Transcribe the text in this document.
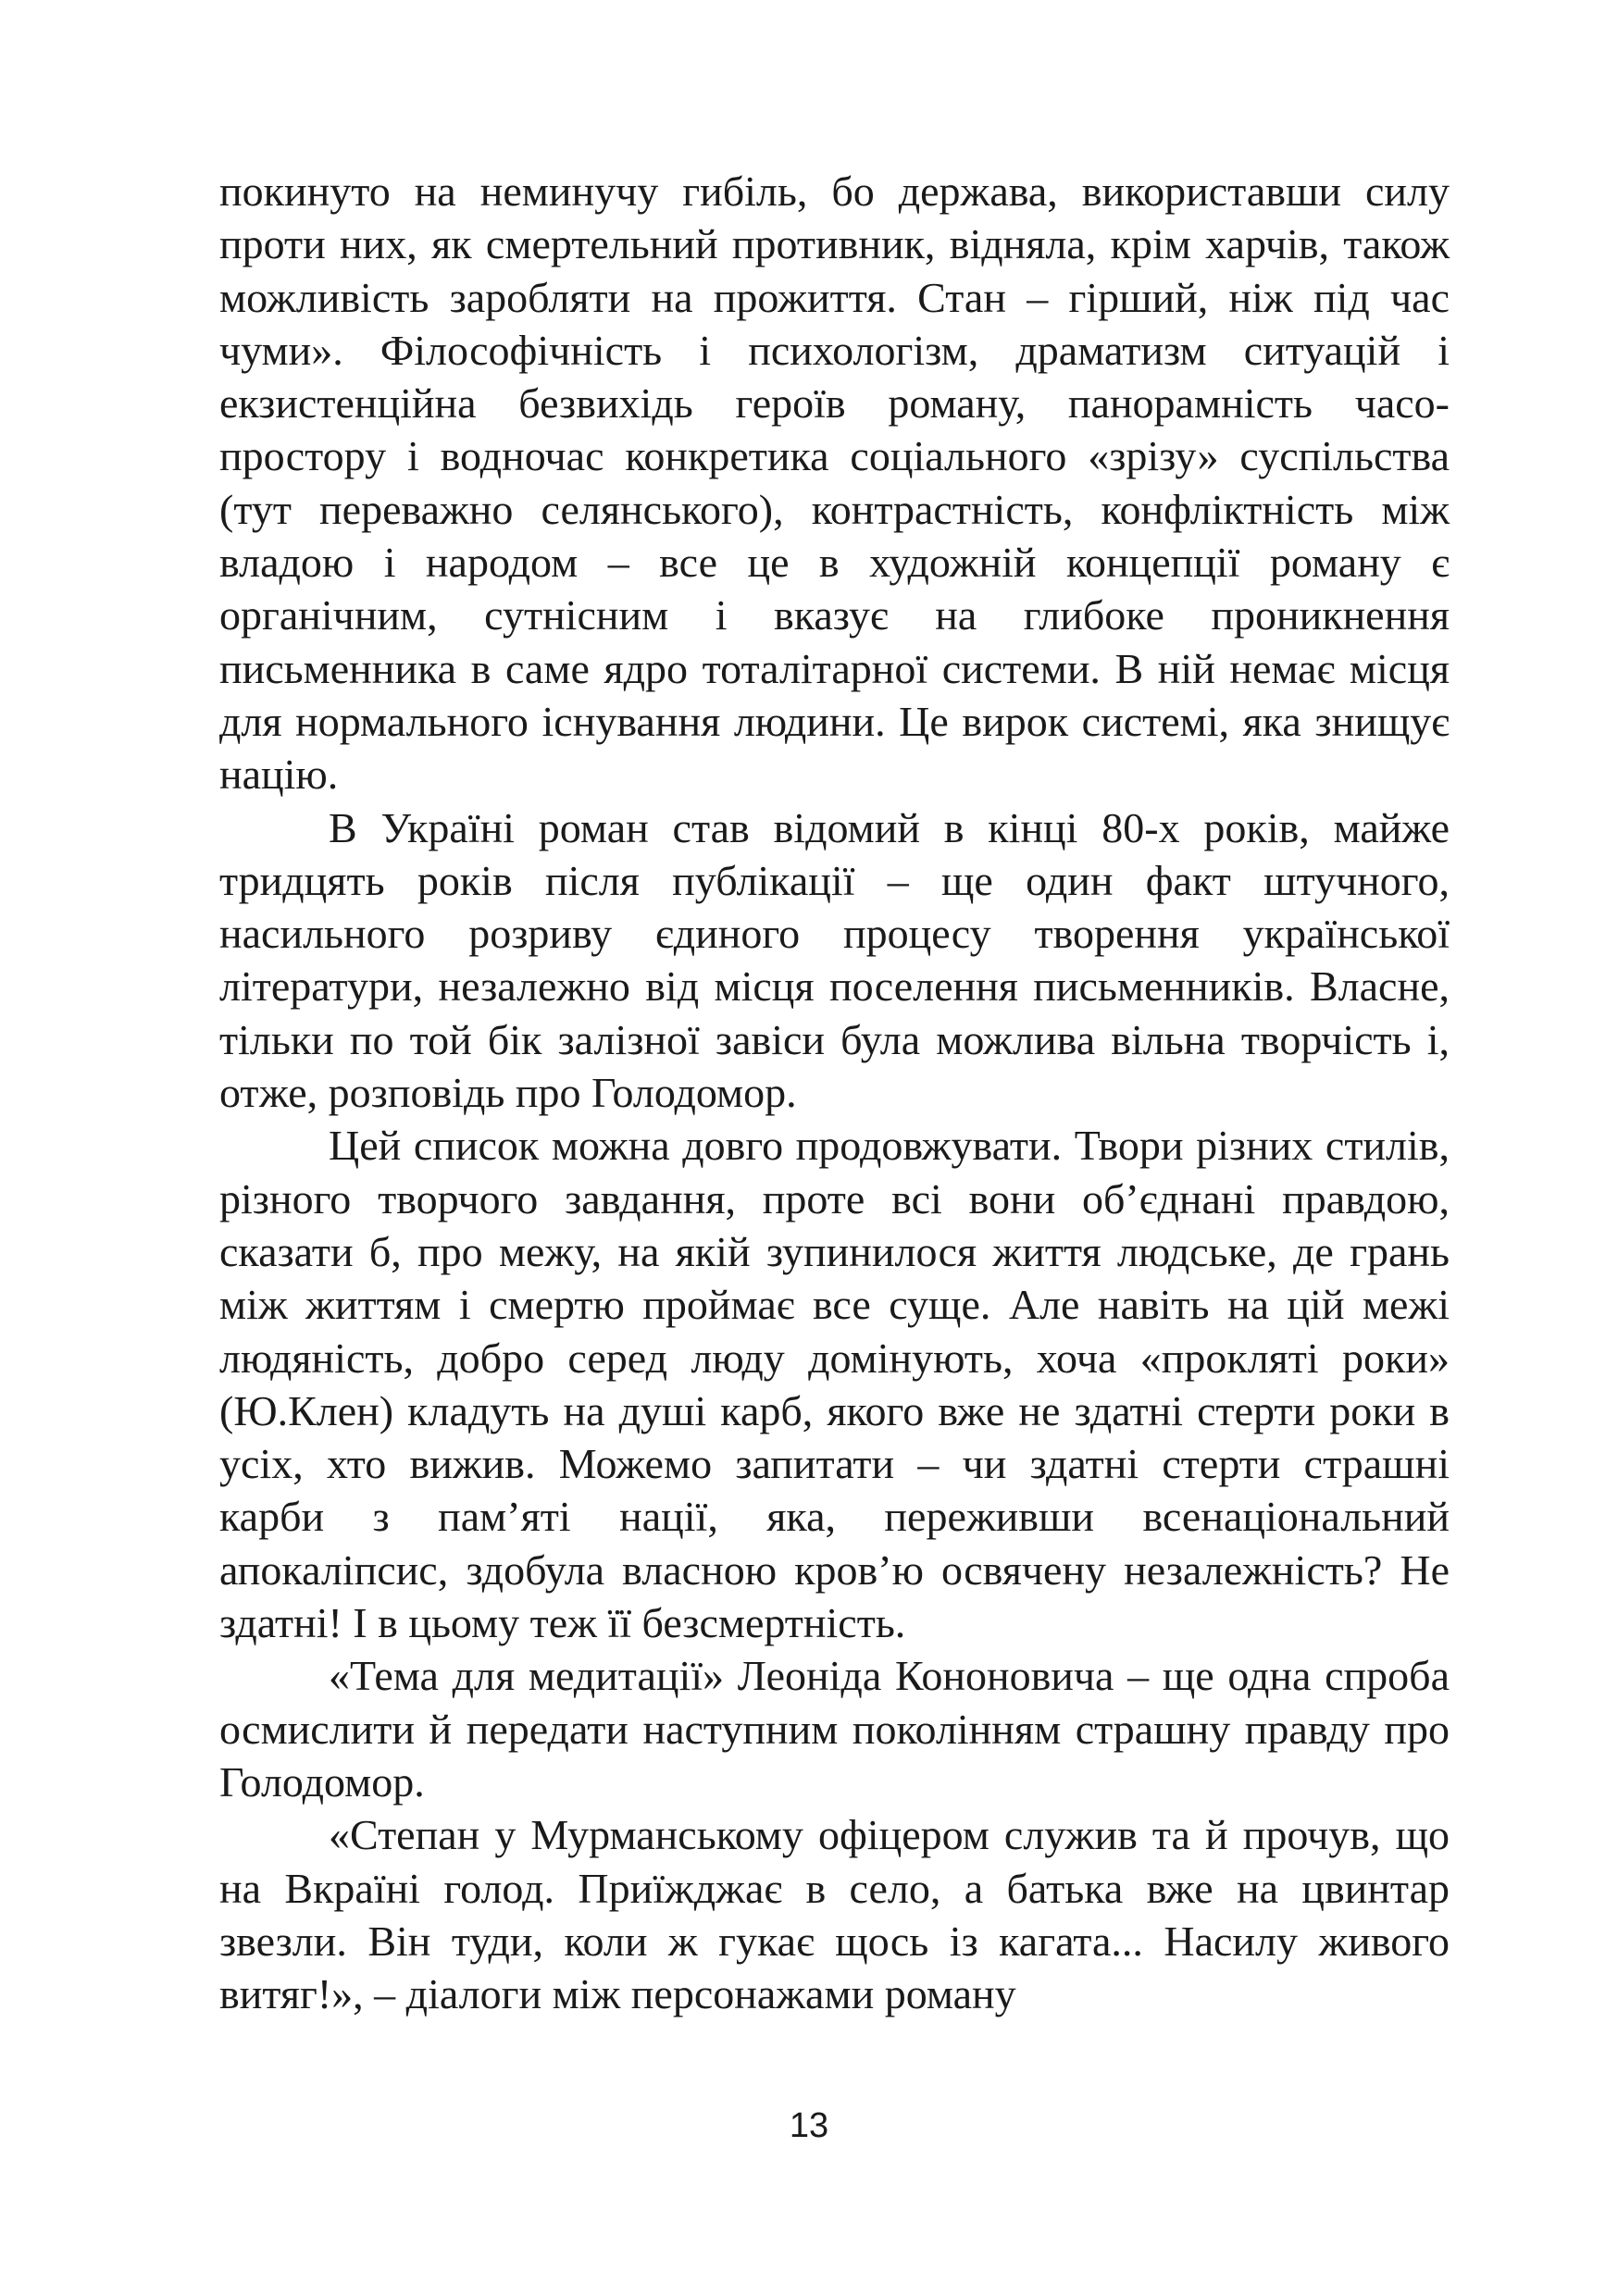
покинуто на неминучу гибіль, бо держава, використавши силу проти них, як смертельний противник, відняла, крім харчів, також можливість заробляти на прожиття. Стан – гірший, ніж під час чуми». Філософічність і психологізм, драматизм ситуацій і екзистенційна безвихідь героїв роману, панорамність часо-простору і водночас конкретика соціального «зрізу» суспільства (тут переважно селянського), контрастність, конфліктність між владою і народом – все це в художній концепції роману є органічним, сутнісним і вказує на глибоке проникнення письменника в саме ядро тоталітарної системи. В ній немає місця для нормального існування людини. Це вирок системі, яка знищує націю.

В Україні роман став відомий в кінці 80-х років, майже тридцять років після публікації – ще один факт штучного, насильного розриву єдиного процесу творення української літератури, незалежно від місця поселення письменників. Власне, тільки по той бік залізної завіси була можлива вільна творчість і, отже, розповідь про Голодомор.

Цей список можна довго продовжувати. Твори різних стилів, різного творчого завдання, проте всі вони об’єднані правдою, сказати б, про межу, на якій зупинилося життя людське, де грань між життям і смертю проймає все суще. Але навіть на цій межі людяність, добро серед люду домінують, хоча «прокляті роки» (Ю.Клен) кладуть на душі карб, якого вже не здатні стерти роки в усіх, хто вижив. Можемо запитати – чи здатні стерти страшні карби з пам’яті нації, яка, переживши всенаціональний апокаліпсис, здобула власною кров’ю освячену незалежність? Не здатні! І в цьому теж її безсмертність.

«Тема для медитації» Леоніда Кононовича – ще одна спроба осмислити й передати наступним поколінням страшну правду про Голодомор.

«Степан у Мурманському офіцером служив та й прочув, що на Вкраїні голод. Приїжджає в село, а батька вже на цвинтар звезли. Він туди, коли ж гукає щось із кагата... Насилу живого витяг!», – діалоги між персонажами роману

13
